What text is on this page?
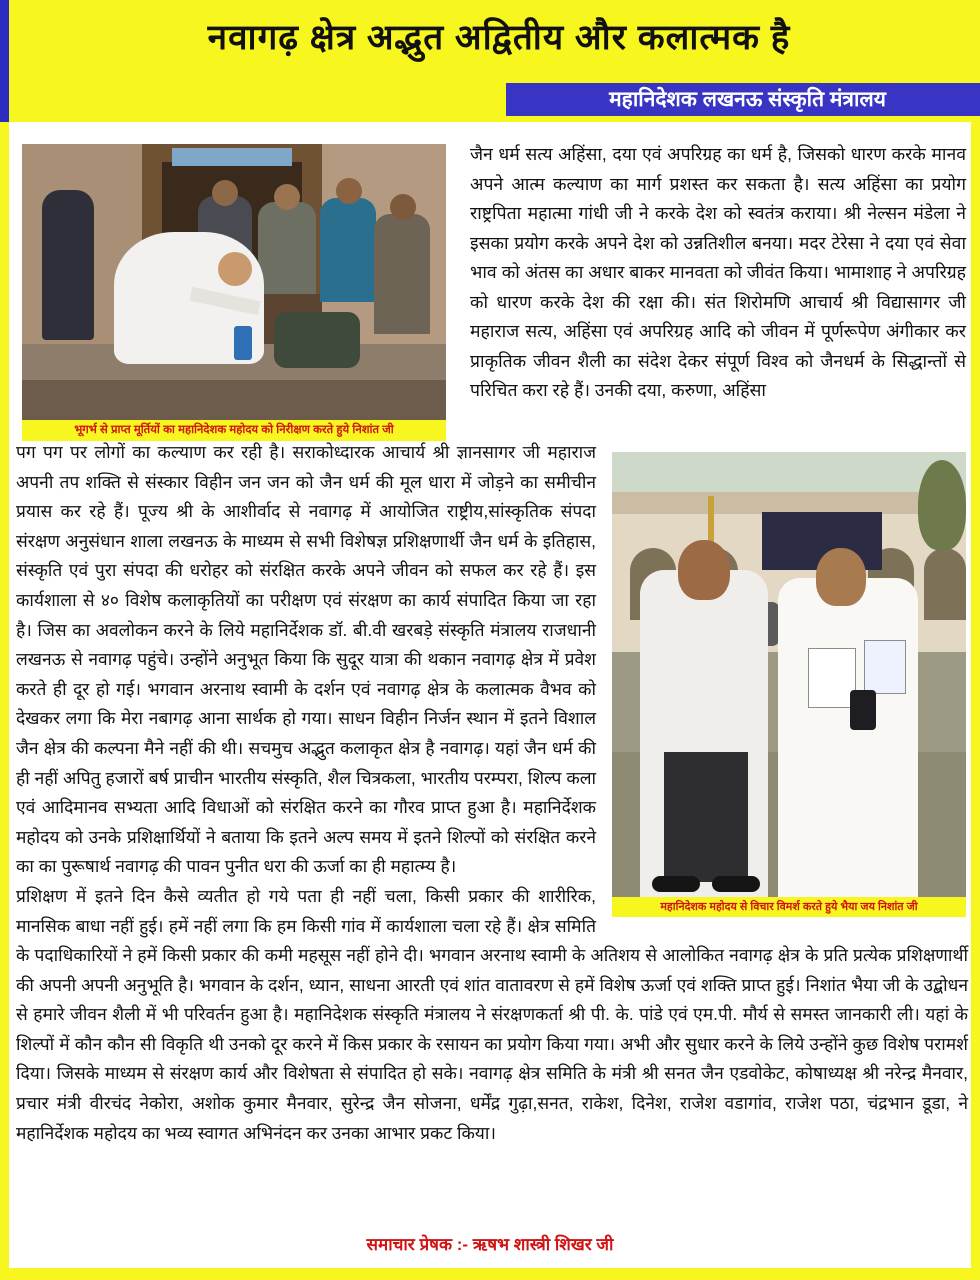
नवागढ़ क्षेत्र अद्भुत अद्वितीय और कलात्मक है
महानिदेशक लखनऊ संस्कृति मंत्रालय
भूगर्भ से प्राप्त मूर्तियों का महानिदेशक महोदय को निरीक्षण करते हुये निशांत जी
जैन धर्म सत्य अहिंसा, दया एवं अपरिग्रह का धर्म है, जिसको धारण करके मानव अपने आत्म कल्याण का मार्ग प्रशस्त कर सकता है। सत्य अहिंसा का प्रयोग राष्ट्रपिता महात्मा गांधी जी ने करके देश को स्वतंत्र कराया। श्री नेल्सन मंडेला ने इसका प्रयोग करके अपने देश को उन्नतिशील बनया। मदर टेरेसा ने दया एवं सेवा भाव को अंतस का अधार बाकर मानवता को जीवंत किया। भामाशाह ने अपरिग्रह को धारण करके देश की रक्षा की। संत शिरोमणि आचार्य श्री विद्यासागर जी महाराज सत्य, अहिंसा एवं अपरिग्रह आदि को जीवन में पूर्णरूपेण अंगीकार कर प्राकृतिक जीवन शैली का संदेश देकर संपूर्ण विश्व को जैनधर्म के सिद्धान्तों से परिचित करा रहे हैं। उनकी दया, करुणा, अहिंसा
महानिदेशक महोदय से विचार विमर्श करते हुये भैया जय निशांत जी
पग पग पर लोगों का कल्याण कर रही है। सराकोध्दारक आचार्य श्री ज्ञानसागर जी महाराज अपनी तप शक्ति से संस्कार विहीन जन जन को जैन धर्म की मूल धारा में जोड़ने का समीचीन प्रयास कर रहे हैं। पूज्य श्री के आशीर्वाद से नवागढ़ में आयोजित राष्ट्रीय,सांस्कृतिक संपदा संरक्षण अनुसंधान शाला लखनऊ के माध्यम से सभी विशेषज्ञ प्रशिक्षणार्थी जैन धर्म के इतिहास, संस्कृति एवं पुरा संपदा की धरोहर को संरक्षित करके अपने जीवन को सफल कर रहे हैं। इस कार्यशाला से ४० विशेष कलाकृतियों का परीक्षण एवं संरक्षण का कार्य संपादित किया जा रहा है। जिस का अवलोकन करने के लिये महानिर्देशक डॉ. बी.वी खरबड़े संस्कृति मंत्रालय राजधानी लखनऊ से नवागढ़ पहुंचे। उन्होंने अनुभूत किया कि सुदूर यात्रा की थकान नवागढ़ क्षेत्र में प्रवेश करते ही दूर हो गई। भगवान अरनाथ स्वामी के दर्शन एवं नवागढ़ क्षेत्र के कलात्मक वैभव को देखकर लगा कि मेरा नबागढ़ आना सार्थक हो गया। साधन विहीन निर्जन स्थान में इतने विशाल जैन क्षेत्र की कल्पना मैने नहीं की थी। सचमुच अद्भुत कलाकृत क्षेत्र है नवागढ़। यहां जैन धर्म की ही नहीं अपितु हजारों बर्ष प्राचीन भारतीय संस्कृति, शैल चित्रकला, भारतीय परम्परा, शिल्प कला एवं आदिमानव सभ्यता आदि विधाओं को संरक्षित करने का गौरव प्राप्त हुआ है। महानिर्देशक महोदय को उनके प्रशिक्षार्थियों ने बताया कि इतने अल्प समय में इतने शिल्पों को संरक्षित करने का का पुरूषार्थ नवागढ़ की पावन पुनीत धरा की ऊर्जा का ही महात्म्य है।
प्रशिक्षण में इतने दिन कैसे व्यतीत हो गये पता ही नहीं चला, किसी प्रकार की शारीरिक, मानसिक बाधा नहीं हुई। हमें नहीं लगा कि हम किसी गांव में कार्यशाला चला रहे हैं। क्षेत्र समिति के पदाधिकारियों ने हमें किसी प्रकार की कमी महसूस नहीं होने दी। भगवान अरनाथ स्वामी के अतिशय से आलोकित नवागढ़ क्षेत्र के प्रति प्रत्येक प्रशिक्षणार्थी की अपनी अपनी अनुभूति है। भगवान के दर्शन, ध्यान, साधना आरती एवं शांत वातावरण से हमें विशेष ऊर्जा एवं शक्ति प्राप्त हुई। निशांत भैया जी के उद्बोधन से हमारे जीवन शैली में भी परिवर्तन हुआ है। महानिदेशक संस्कृति मंत्रालय ने संरक्षणकर्ता श्री पी. के. पांडे एवं एम.पी. मौर्य से समस्त जानकारी ली। यहां के शिल्पों में कौन कौन सी विकृति थी उनको दूर करने में किस प्रकार के रसायन का प्रयोग किया गया। अभी और सुधार करने के लिये उन्होंने कुछ विशेष परामर्श दिया। जिसके माध्यम से संरक्षण कार्य और विशेषता से संपादित हो सके। नवागढ़ क्षेत्र समिति के मंत्री श्री सनत जैन एडवोकेट, कोषाध्यक्ष श्री नरेन्द्र मैनवार, प्रचार मंत्री वीरचंद नेकोरा, अशोक कुमार मैनवार, सुरेन्द्र जैन सोजना, धर्मेंद्र गुढ़ा,सनत, राकेश, दिनेश, राजेश वडागांव, राजेश पठा, चंद्रभान डूडा, ने महानिर्देशक महोदय का भव्य स्वागत अभिनंदन कर उनका आभार प्रकट किया।
समाचार प्रेषक :- ऋषभ शास्त्री शिखर जी
